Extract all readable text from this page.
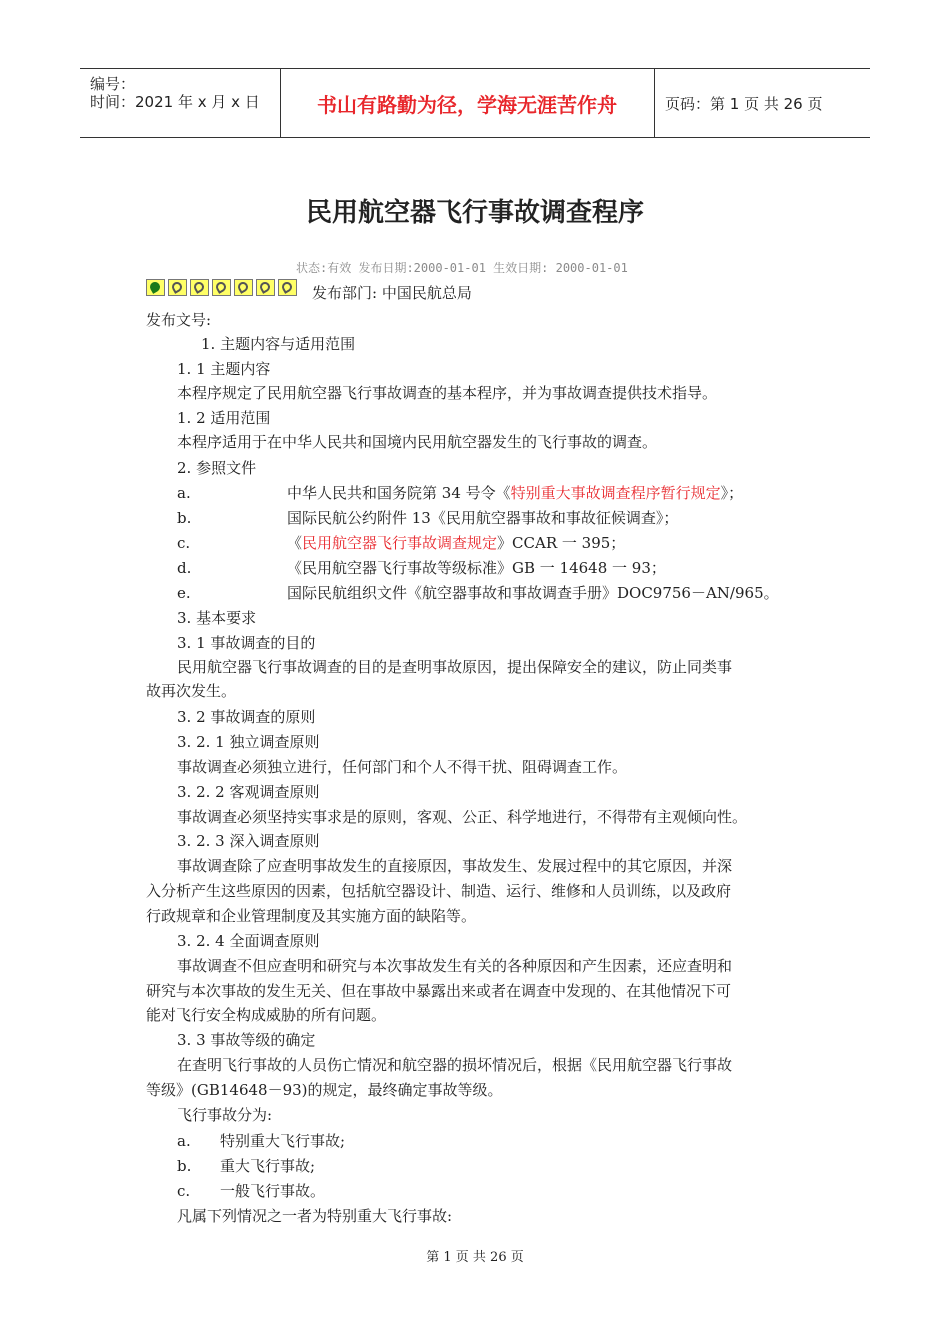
编号：
时间：2021 年 x 月 x 日	书山有路勤为径，学海无涯苦作舟	页码：第 1 页 共 26 页
民用航空器飞行事故调查程序
状态:有效 发布日期:2000-01-01 生效日期: 2000-01-01
发布部门: 中国民航总局
发布文号:
1. 主题内容与适用范围
1. 1 主题内容
本程序规定了民用航空器飞行事故调查的基本程序，并为事故调查提供技术指导。
1. 2 适用范围
本程序适用于在中华人民共和国境内民用航空器发生的飞行事故的调查。
2. 参照文件
a.	中华人民共和国务院第 34 号令《特别重大事故调查程序暂行规定》；
b.	国际民航公约附件 13《民用航空器事故和事故征候调查》；
c.	《民用航空器飞行事故调查规定》CCAR 一 395；
d.	《民用航空器飞行事故等级标准》GB 一 14648 一 93；
e.	国际民航组织文件《航空器事故和事故调查手册》DOC9756－AN/965。
3. 基本要求
3. 1 事故调查的目的
民用航空器飞行事故调查的目的是查明事故原因，提出保障安全的建议，防止同类事
故再次发生。
3. 2 事故调查的原则
3. 2. 1 独立调查原则
事故调查必须独立进行，任何部门和个人不得干扰、阻碍调查工作。
3. 2. 2 客观调查原则
事故调查必须坚持实事求是的原则，客观、公正、科学地进行，不得带有主观倾向性。
3. 2. 3 深入调查原则
事故调查除了应查明事故发生的直接原因，事故发生、发展过程中的其它原因，并深
入分析产生这些原因的因素，包括航空器设计、制造、运行、维修和人员训练，以及政府
行政规章和企业管理制度及其实施方面的缺陷等。
3. 2. 4 全面调查原则
事故调查不但应查明和研究与本次事故发生有关的各种原因和产生因素，还应查明和
研究与本次事故的发生无关、但在事故中暴露出来或者在调查中发现的、在其他情况下可
能对飞行安全构成威胁的所有问题。
3. 3 事故等级的确定
在查明飞行事故的人员伤亡情况和航空器的损坏情况后，根据《民用航空器飞行事故
等级》(GB14648－93)的规定，最终确定事故等级。
飞行事故分为:
a. 特别重大飞行事故;
b. 重大飞行事故;
c. 一般飞行事故。
凡属下列情况之一者为特别重大飞行事故:
第 1 页 共 26 页
